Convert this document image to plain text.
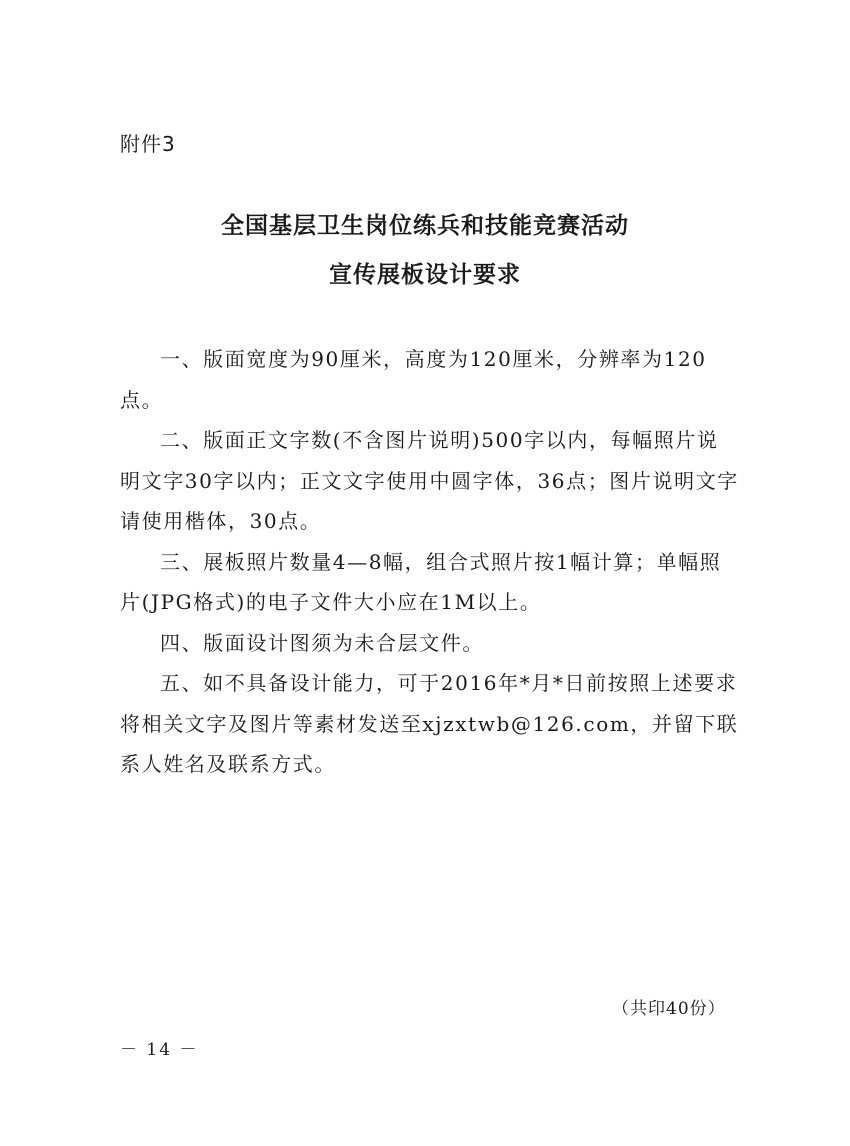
附件3
全国基层卫生岗位练兵和技能竞赛活动
宣传展板设计要求

一、版面宽度为90厘米，高度为120厘米，分辨率为120点。

二、版面正文字数(不含图片说明)500字以内，每幅照片说明文字30字以内；正文文字使用中圆字体，36点；图片说明文字请使用楷体，30点。

三、展板照片数量4—8幅，组合式照片按1幅计算；单幅照片(JPG格式)的电子文件大小应在1M以上。

四、版面设计图须为未合层文件。

五、如不具备设计能力，可于2016年*月*日前按照上述要求将相关文字及图片等素材发送至xjzxtwb@126.com，并留下联系人姓名及联系方式。

（共印40份）
－ 14 －
